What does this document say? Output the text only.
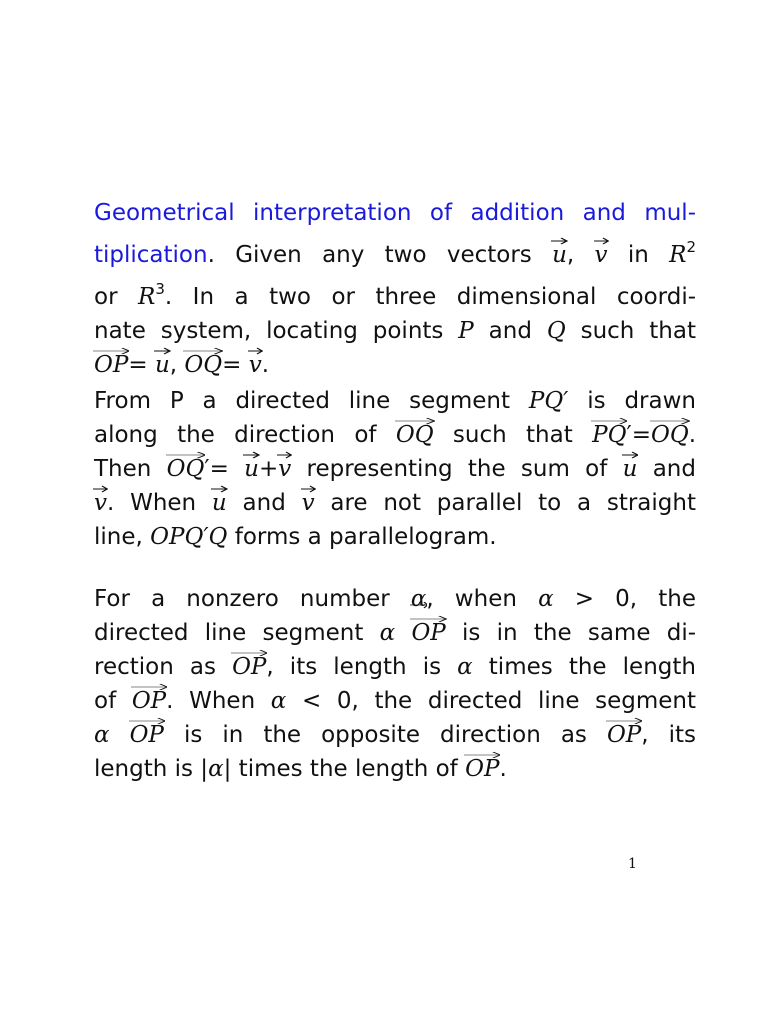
Geometrical interpretation of addition and mul-
tiplication. Given any two vectors
u, v in $R^2$
or $R^3$. In a two or three dimensional coordi-
nate system, locating points P and Q such that
OP=
u,
OQ=
v.

From P a directed line segment PQ′ is drawn
along the direction of
OQ such that
PQ′=
OQ.
Then
OQ′=
u+
v representing the sum of
u and
v. When
u and
v are not parallel to a straight
line, OPQ′Q forms a parallelogram.

For a nonzero number
α, when α > 0, the
directed line segment α OP is in the same di-
rection as
OP, its length is α times the length
of
OP. When α < 0, the directed line segment
α OP is in the opposite direction as
OP, its
length is |α| times the length of
OP.

1
